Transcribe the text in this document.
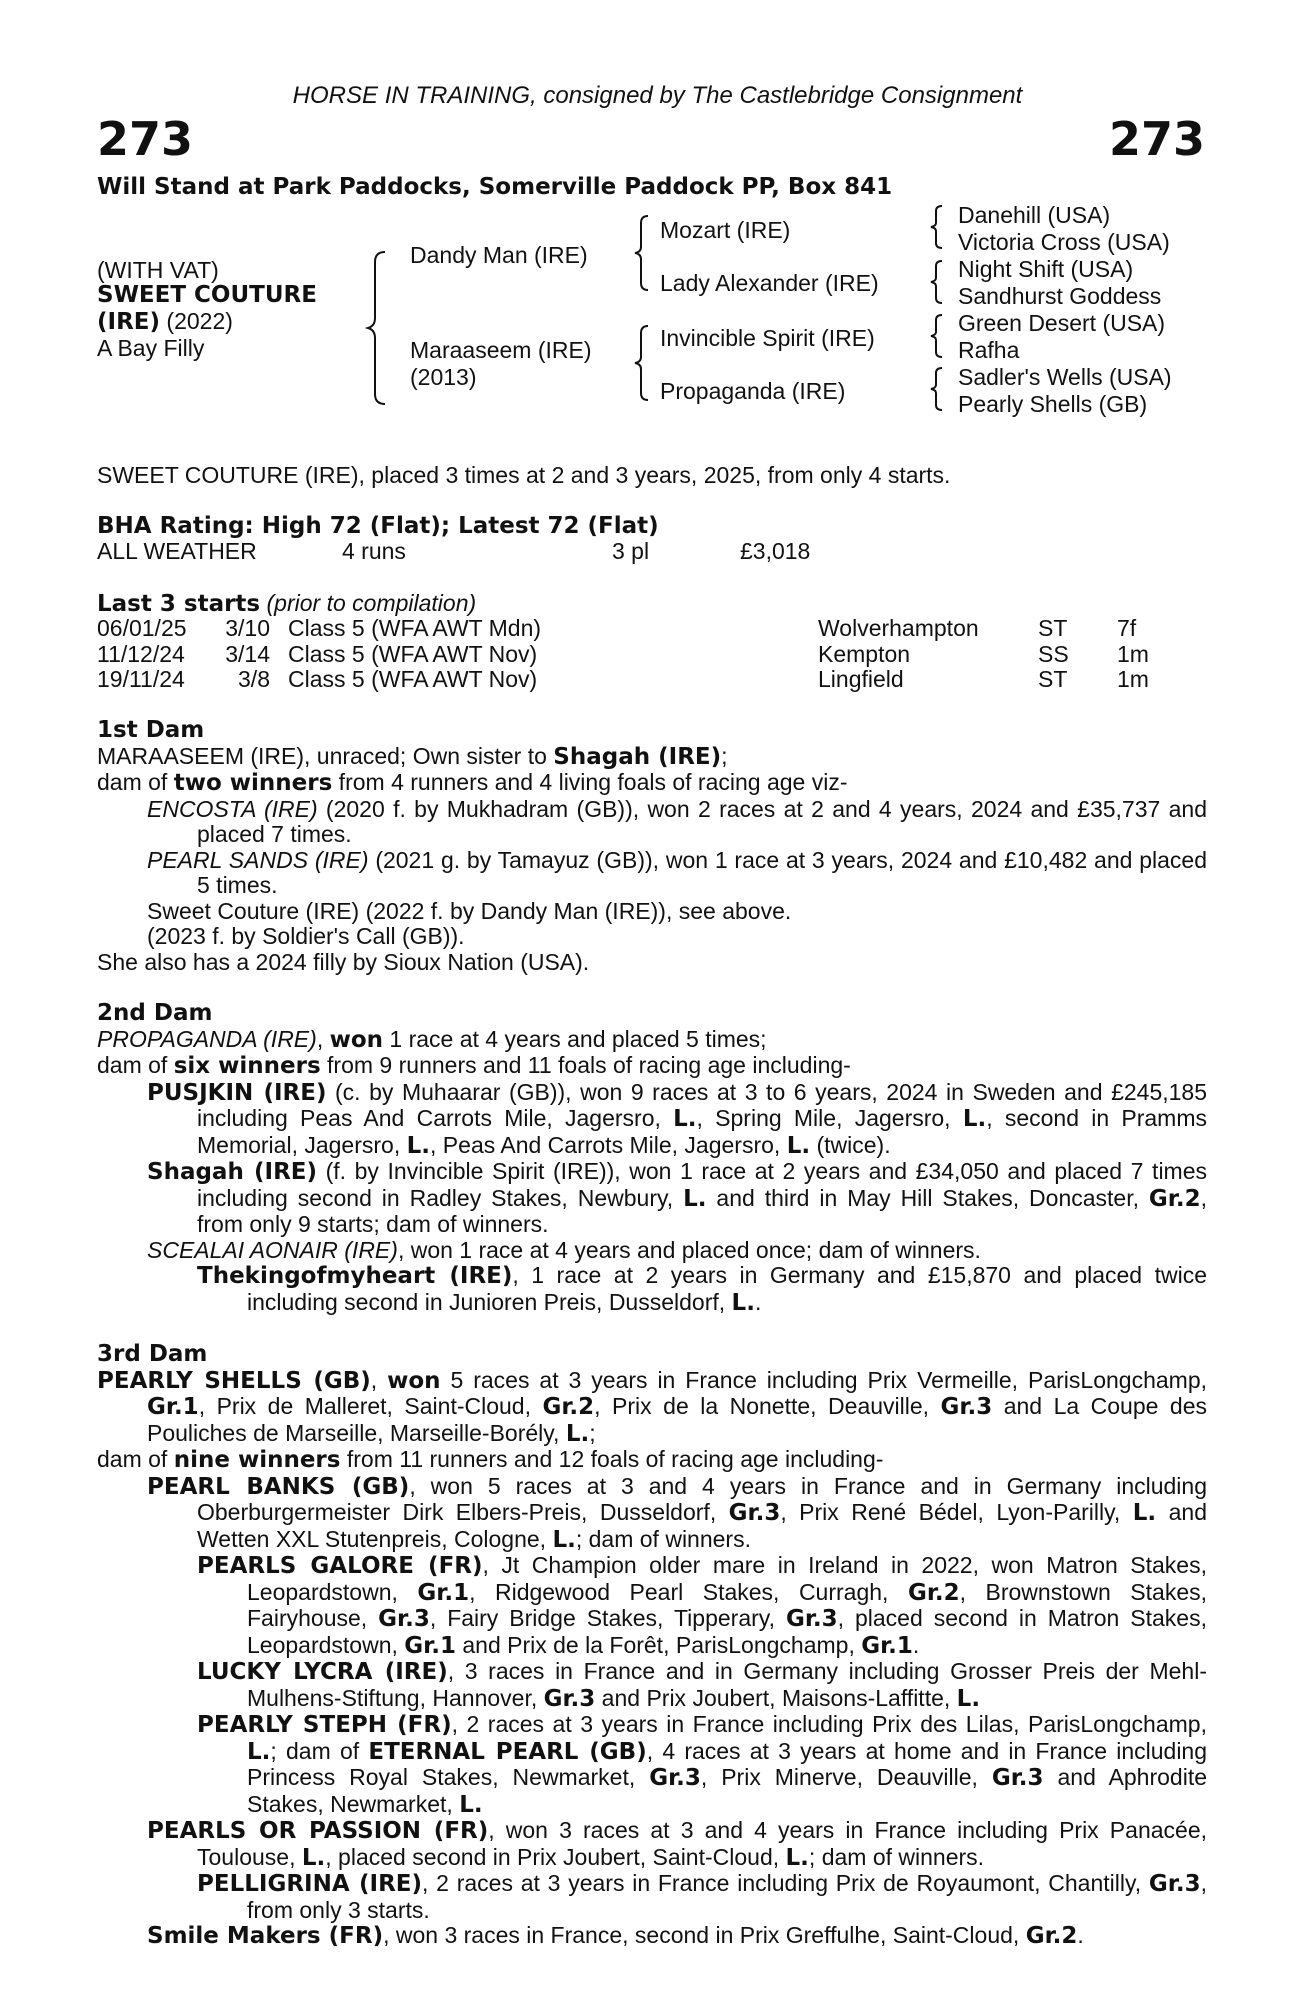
HORSE IN TRAINING, consigned by The Castlebridge Consignment
273	273
Will Stand at Park Paddocks, Somerville Paddock PP, Box 841
(WITH VAT)
SWEET COUTURE
(IRE) (2022)
A Bay Filly
Dandy Man (IRE)
Maraaseem (IRE)
(2013)
Mozart (IRE)
Lady Alexander (IRE)
Invincible Spirit (IRE)
Propaganda (IRE)
Danehill (USA)
Victoria Cross (USA)
Night Shift (USA)
Sandhurst Goddess
Green Desert (USA)
Rafha
Sadler's Wells (USA)
Pearly Shells (GB)
SWEET COUTURE (IRE), placed 3 times at 2 and 3 years, 2025, from only 4 starts.
BHA Rating: High 72 (Flat); Latest 72 (Flat)
ALL WEATHER	4 runs	3 pl	£3,018
Last 3 starts (prior to compilation)
06/01/25 3/10 Class 5 (WFA AWT Mdn)	Wolverhampton	ST 7f
11/12/24 3/14 Class 5 (WFA AWT Nov)	Kempton	SS 1m
19/11/24	3/8 Class 5 (WFA AWT Nov)	Lingfield	ST 1m

1st Dam

MARAASEEM (IRE), unraced; Own sister to Shagah (IRE);

dam of two winners from 4 runners and 4 living foals of racing age viz-

ENCOSTA (IRE) (2020 f. by Mukhadram (GB)), won 2 races at 2 and 4 years, 2024 and £35,737 and placed 7 times.

PEARL SANDS (IRE) (2021 g. by Tamayuz (GB)), won 1 race at 3 years, 2024 and £10,482 and placed 5 times.

Sweet Couture (IRE) (2022 f. by Dandy Man (IRE)), see above.

(2023 f. by Soldier's Call (GB)).

She also has a 2024 filly by Sioux Nation (USA).

2nd Dam

PROPAGANDA (IRE), won 1 race at 4 years and placed 5 times;

dam of six winners from 9 runners and 11 foals of racing age including-

PUSJKIN (IRE) (c. by Muhaarar (GB)), won 9 races at 3 to 6 years, 2024 in Sweden and £245,185 including Peas And Carrots Mile, Jagersro, L., Spring Mile, Jagersro, L., second in Pramms Memorial, Jagersro, L., Peas And Carrots Mile, Jagersro, L. (twice).

Shagah (IRE) (f. by Invincible Spirit (IRE)), won 1 race at 2 years and £34,050 and placed 7 times including second in Radley Stakes, Newbury, L. and third in May Hill Stakes, Doncaster, Gr.2, from only 9 starts; dam of winners.

SCEALAI AONAIR (IRE), won 1 race at 4 years and placed once; dam of winners.

Thekingofmyheart (IRE), 1 race at 2 years in Germany and £15,870 and placed twice including second in Junioren Preis, Dusseldorf, L..

3rd Dam

PEARLY SHELLS (GB), won 5 races at 3 years in France including Prix Vermeille, ParisLongchamp, Gr.1, Prix de Malleret, Saint-Cloud, Gr.2, Prix de la Nonette, Deauville, Gr.3 and La Coupe des Pouliches de Marseille, Marseille-Borély, L.;

dam of nine winners from 11 runners and 12 foals of racing age including-

PEARL BANKS (GB), won 5 races at 3 and 4 years in France and in Germany including Oberburgermeister Dirk Elbers-Preis, Dusseldorf, Gr.3, Prix René Bédel, Lyon-Parilly, L. and Wetten XXL Stutenpreis, Cologne, L.; dam of winners.

PEARLS GALORE (FR), Jt Champion older mare in Ireland in 2022, won Matron Stakes, Leopardstown, Gr.1, Ridgewood Pearl Stakes, Curragh, Gr.2, Brownstown Stakes, Fairyhouse, Gr.3, Fairy Bridge Stakes, Tipperary, Gr.3, placed second in Matron Stakes, Leopardstown, Gr.1 and Prix de la Forêt, ParisLongchamp, Gr.1.

LUCKY LYCRA (IRE), 3 races in France and in Germany including Grosser Preis der Mehl-Mulhens-Stiftung, Hannover, Gr.3 and Prix Joubert, Maisons-Laffitte, L.

PEARLY STEPH (FR), 2 races at 3 years in France including Prix des Lilas, ParisLongchamp, L.; dam of ETERNAL PEARL (GB), 4 races at 3 years at home and in France including Princess Royal Stakes, Newmarket, Gr.3, Prix Minerve, Deauville, Gr.3 and Aphrodite Stakes, Newmarket, L.

PEARLS OR PASSION (FR), won 3 races at 3 and 4 years in France including Prix Panacée, Toulouse, L., placed second in Prix Joubert, Saint-Cloud, L.; dam of winners.

PELLIGRINA (IRE), 2 races at 3 years in France including Prix de Royaumont, Chantilly, Gr.3, from only 3 starts.

Smile Makers (FR), won 3 races in France, second in Prix Greffulhe, Saint-Cloud, Gr.2.
